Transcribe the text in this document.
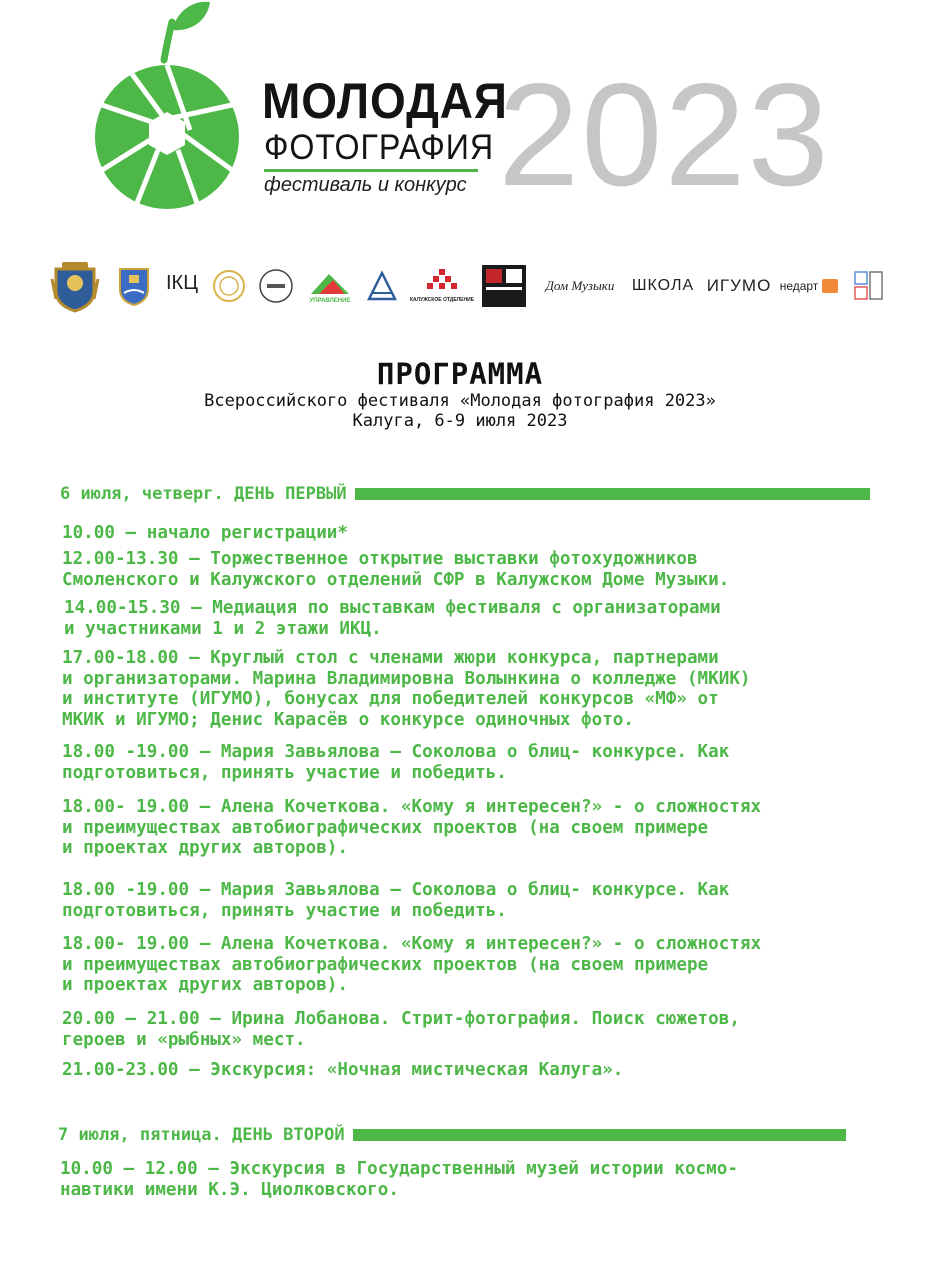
МОЛОДАЯ
ФОТОГРАФИЯ
фестиваль и конкурс 2023
ІКЦ

УПРАВЛЕНИЕ	КАЛУЖСКОЕ ОТДЕЛЕНИЕ
Дом Музыки ШКОЛА ИГУМО недарт
ПРОГРАММА
Всероссийского фестиваля «Молодая фотография 2023»
Калуга, 6-9 июля 2023
6 июля, четверг. ДЕНЬ ПЕРВЫЙ
10.00 — начало регистрации*
12.00-13.30 — Торжественное открытие выставки фотохудожников
Смоленского и Калужского отделений СФР в Калужском Доме Музыки.
14.00-15.30 — Медиация по выставкам фестиваля с организаторами
и участниками 1 и 2 этажи ИКЦ.
17.00-18.00 — Круглый стол с членами жюри конкурса, партнерами
и организаторами. Марина Владимировна Волынкина о колледже (МКИК)
и институте (ИГУМО), бонусах для победителей конкурсов «МФ» от
МКИК и ИГУМО; Денис Карасёв о конкурсе одиночных фото.
18.00 -19.00 — Мария Завьялова — Соколова о блиц- конкурсе. Как
подготовиться, принять участие и победить.
18.00- 19.00 — Алена Кочеткова. «Кому я интересен?» - о сложностях
и преимуществах автобиографических проектов (на своем примере
и проектах других авторов).
18.00 -19.00 — Мария Завьялова — Соколова о блиц- конкурсе. Как
подготовиться, принять участие и победить.
18.00- 19.00 — Алена Кочеткова. «Кому я интересен?» - о сложностях
и преимуществах автобиографических проектов (на своем примере
и проектах других авторов).
20.00 — 21.00 — Ирина Лобанова. Стрит-фотография. Поиск сюжетов,
героев и «рыбных» мест.
21.00-23.00 — Экскурсия: «Ночная мистическая Калуга».
7 июля, пятница. ДЕНЬ ВТОРОЙ
10.00 — 12.00 — Экскурсия в Государственный музей истории космо-
навтики имени К.Э. Циолковского.
